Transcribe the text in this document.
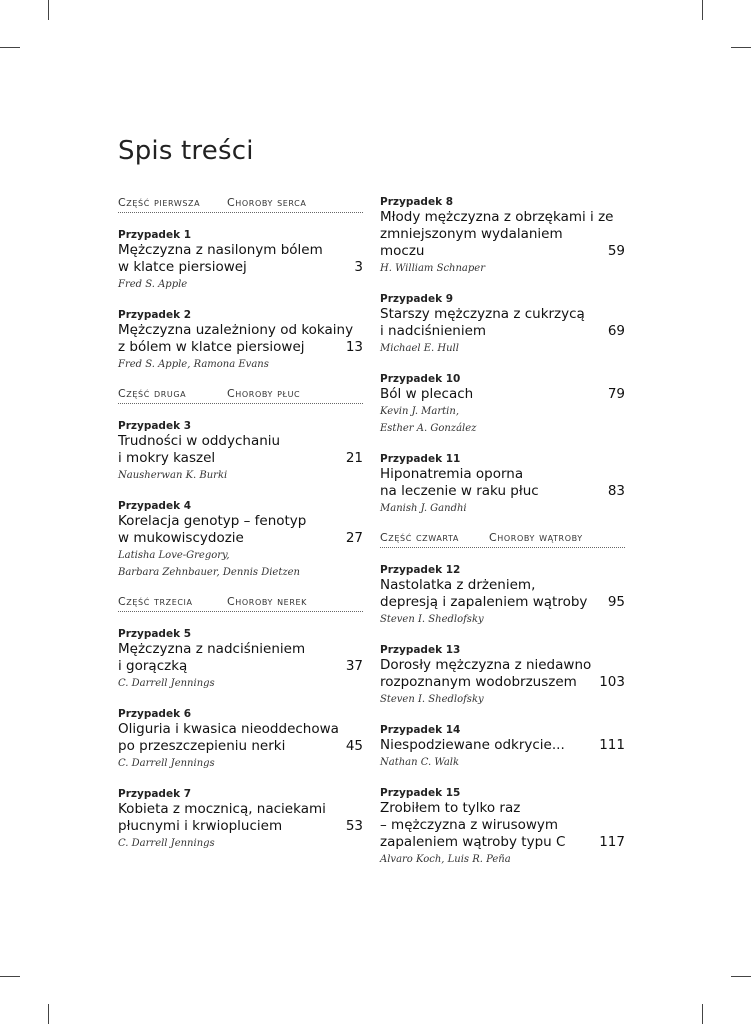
Spis treści
Część pierwsza	Choroby serca
Przypadek 1
Mężczyzna z nasilonym bólem
w klatce piersiowej	3
Fred S. Apple
Przypadek 2
Mężczyzna uzależniony od kokainy
z bólem w klatce piersiowej	13
Fred S. Apple, Ramona Evans
Część druga	Choroby płuc
Przypadek 3
Trudności w oddychaniu
i mokry kaszel	21
Nausherwan K. Burki
Przypadek 4
Korelacja genotyp – fenotyp
w mukowiscydozie	27
Latisha Love-Gregory,
Barbara Zehnbauer, Dennis Dietzen
Część trzecia	Choroby nerek
Przypadek 5
Mężczyzna z nadciśnieniem
i gorączką	37
C. Darrell Jennings
Przypadek 6
Oliguria i kwasica nieoddechowa
po przeszczepieniu nerki	45
C. Darrell Jennings
Przypadek 7
Kobieta z mocznicą, naciekami
płucnymi i krwiopluciem	53
C. Darrell Jennings
Przypadek 8
Młody mężczyzna z obrzękami i ze
zmniejszonym wydalaniem moczu	59
H. William Schnaper
Przypadek 9
Starszy mężczyzna z cukrzycą
i nadciśnieniem	69
Michael E. Hull
Przypadek 10
Ból w plecach	79
Kevin J. Martin,
Esther A. González
Przypadek 11
Hiponatremia oporna
na leczenie w raku płuc	83
Manish J. Gandhi
Część czwarta	Choroby wątroby
Przypadek 12
Nastolatka z drżeniem,
depresją i zapaleniem wątroby	95
Steven I. Shedlofsky
Przypadek 13
Dorosły mężczyzna z niedawno
rozpoznanym wodobrzuszem	103
Steven I. Shedlofsky
Przypadek 14
Niespodziewane odkrycie...	111
Nathan C. Walk
Przypadek 15
Zrobiłem to tylko raz
– mężczyzna z wirusowym
zapaleniem wątroby typu C	117
Alvaro Koch, Luis R. Peña
